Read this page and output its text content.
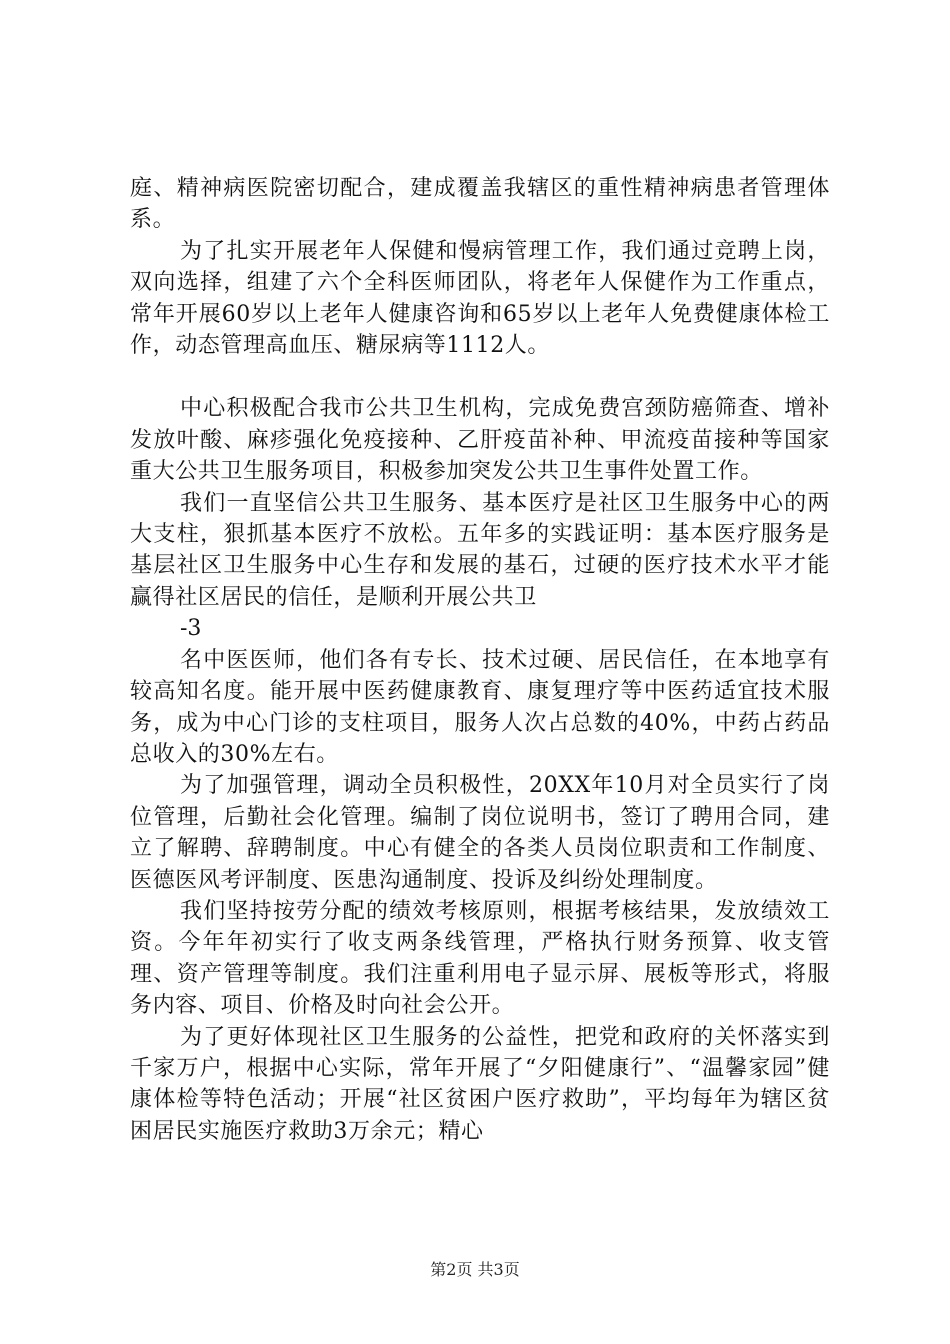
庭、精神病医院密切配合，建成覆盖我辖区的重性精神病患者管理体系。

为了扎实开展老年人保健和慢病管理工作，我们通过竞聘上岗，双向选择，组建了六个全科医师团队，将老年人保健作为工作重点，常年开展60岁以上老年人健康咨询和65岁以上老年人免费健康体检工作，动态管理高血压、糖尿病等1112人。

中心积极配合我市公共卫生机构，完成免费宫颈防癌筛查、增补发放叶酸、麻疹强化免疫接种、乙肝疫苗补种、甲流疫苗接种等国家重大公共卫生服务项目，积极参加突发公共卫生事件处置工作。

我们一直坚信公共卫生服务、基本医疗是社区卫生服务中心的两大支柱，狠抓基本医疗不放松。五年多的实践证明：基本医疗服务是基层社区卫生服务中心生存和发展的基石，过硬的医疗技术水平才能赢得社区居民的信任，是顺利开展公共卫

-3

名中医医师，他们各有专长、技术过硬、居民信任，在本地享有较高知名度。能开展中医药健康教育、康复理疗等中医药适宜技术服务，成为中心门诊的支柱项目，服务人次占总数的40%，中药占药品总收入的30%左右。

为了加强管理，调动全员积极性，20XX年10月对全员实行了岗位管理，后勤社会化管理。编制了岗位说明书，签订了聘用合同，建立了解聘、辞聘制度。中心有健全的各类人员岗位职责和工作制度、医德医风考评制度、医患沟通制度、投诉及纠纷处理制度。

我们坚持按劳分配的绩效考核原则，根据考核结果，发放绩效工资。今年年初实行了收支两条线管理，严格执行财务预算、收支管理、资产管理等制度。我们注重利用电子显示屏、展板等形式，将服务内容、项目、价格及时向社会公开。

为了更好体现社区卫生服务的公益性，把党和政府的关怀落实到千家万户，根据中心实际，常年开展了“夕阳健康行”、“温馨家园”健康体检等特色活动；开展“社区贫困户医疗救助”，平均每年为辖区贫困居民实施医疗救助3万余元；精心

第2页 共3页
